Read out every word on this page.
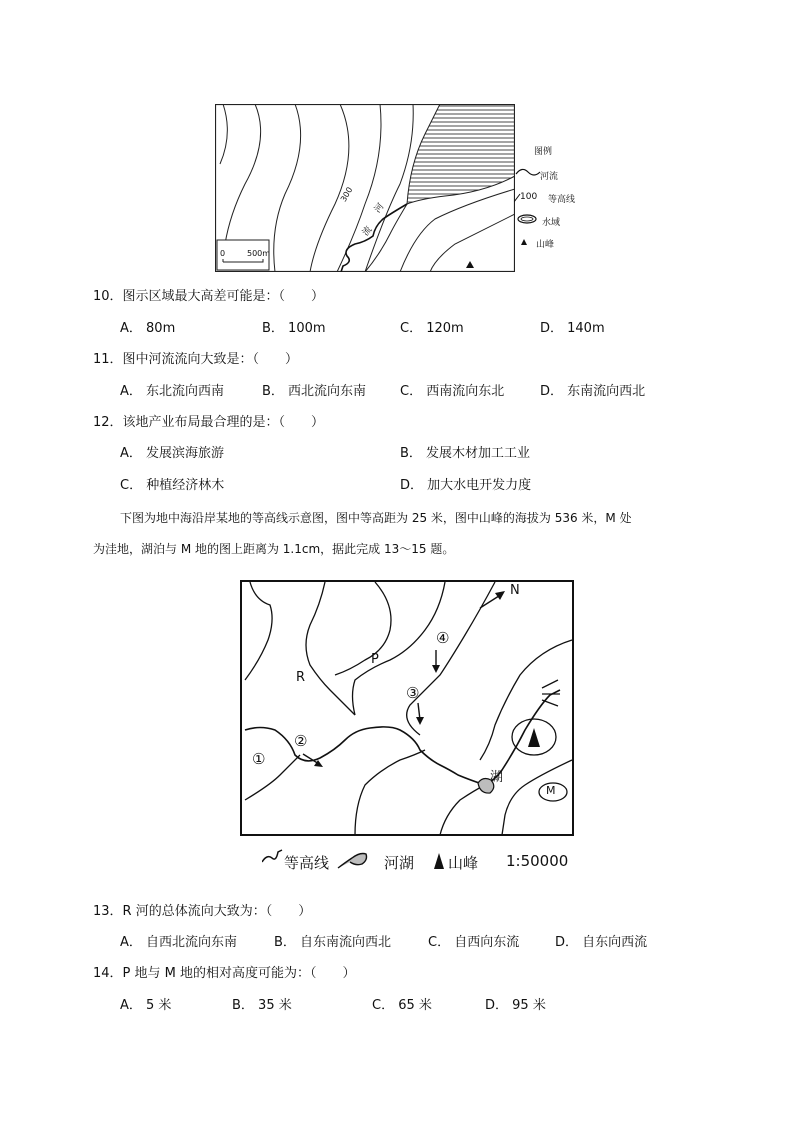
300
河
流
0	500m
图例
河流
100 等高线
水域
山峰
10．图示区域最大高差可能是：（　　）
A． 80m	B． 100m	C． 120m	D． 140m
11．图中河流流向大致是：（　　）
A． 东北流向西南	B． 西北流向东南	C． 西南流向东北	D． 东南流向西北
12．该地产业布局最合理的是：（　　）
A． 发展滨海旅游	B． 发展木材加工工业
C． 种植经济林木	D． 加大水电开发力度
下图为地中海沿岸某地的等高线示意图，图中等高距为 25 米，图中山峰的海拔为 536 米，M 处
为洼地，湖泊与 M 地的图上距离为 1.1cm，据此完成 13～15 题。
N
P
R
M
湖
①
②
③
④
等高线	河湖 山峰 1:50000
13．R 河的总体流向大致为：（　　）
A． 自西北流向东南	B． 自东南流向西北	C． 自西向东流	D． 自东向西流
14．P 地与 M 地的相对高度可能为：（　　）
A． 5 米	B． 35 米	C． 65 米	D． 95 米
